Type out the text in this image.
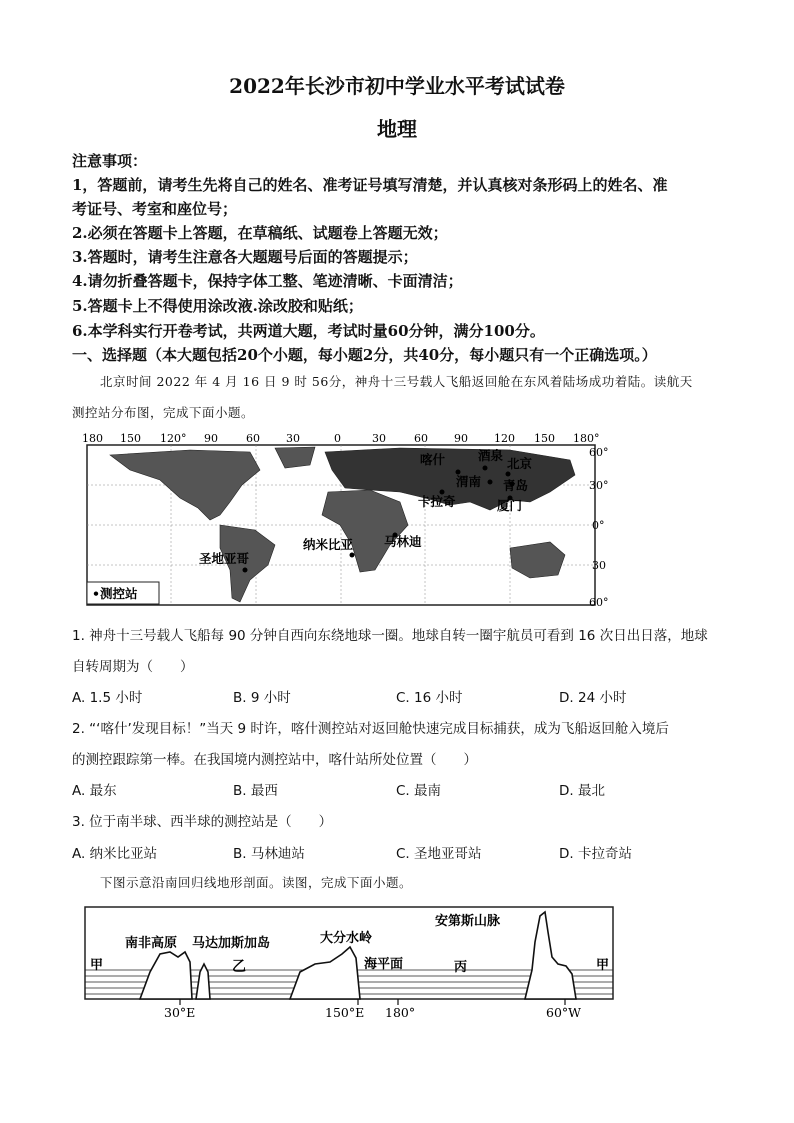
2022年长沙市初中学业水平考试试卷
地理
注意事项：
1，答题前，请考生先将自己的姓名、准考证号填写清楚，并认真核对条形码上的姓名、准
考证号、考室和座位号；
2.必须在答题卡上答题，在草稿纸、试题卷上答题无效；
3.答题时，请考生注意各大题题号后面的答题提示；
4.请勿折叠答题卡，保持字体工整、笔迹清晰、卡面清洁；
5.答题卡上不得使用涂改液.涂改胶和贴纸；
6.本学科实行开卷考试，共两道大题，考试时量60分钟，满分100分。
一、选择题（本大题包括20个小题，每小题2分，共40分，每小题只有一个正确选项。）
北京时间 2022 年 4 月 16 日 9 时 56分，神舟十三号载人飞船返回舱在东风着陆场成功着陆。读航天
测控站分布图，完成下面小题。
180 150 120° 90	60 30	0	30	60 90 120 150 180°
60°
30°
0°
30
60°
喀什	酒泉
北京
渭南 青岛
卡拉奇	厦门
圣地亚哥
纳米比亚 马林迪
•测控站
1. 神舟十三号载人飞船每 90 分钟自西向东绕地球一圈。地球自转一圈宇航员可看到 16 次日出日落，地球
自转周期为（　　）
A. 1.5 小时	B. 9 小时	C. 16 小时	D. 24 小时
2. “‘喀什’发现目标！”当天 9 时许，喀什测控站对返回舱快速完成目标捕获，成为飞船返回舱入境后
的测控跟踪第一棒。在我国境内测控站中，喀什站所处位置（　　）
A. 最东	B. 最西	C. 最南	D. 最北
3. 位于南半球、西半球的测控站是（　　）
A. 纳米比亚站	B. 马林迪站	C. 圣地亚哥站	D. 卡拉奇站
下图示意沿南回归线地形剖面。读图，完成下面小题。
南非高原 马达加斯加岛	大分水岭
安第斯山脉
甲	乙	海平面	丙	甲
30°E	150°E 180°	60°W
